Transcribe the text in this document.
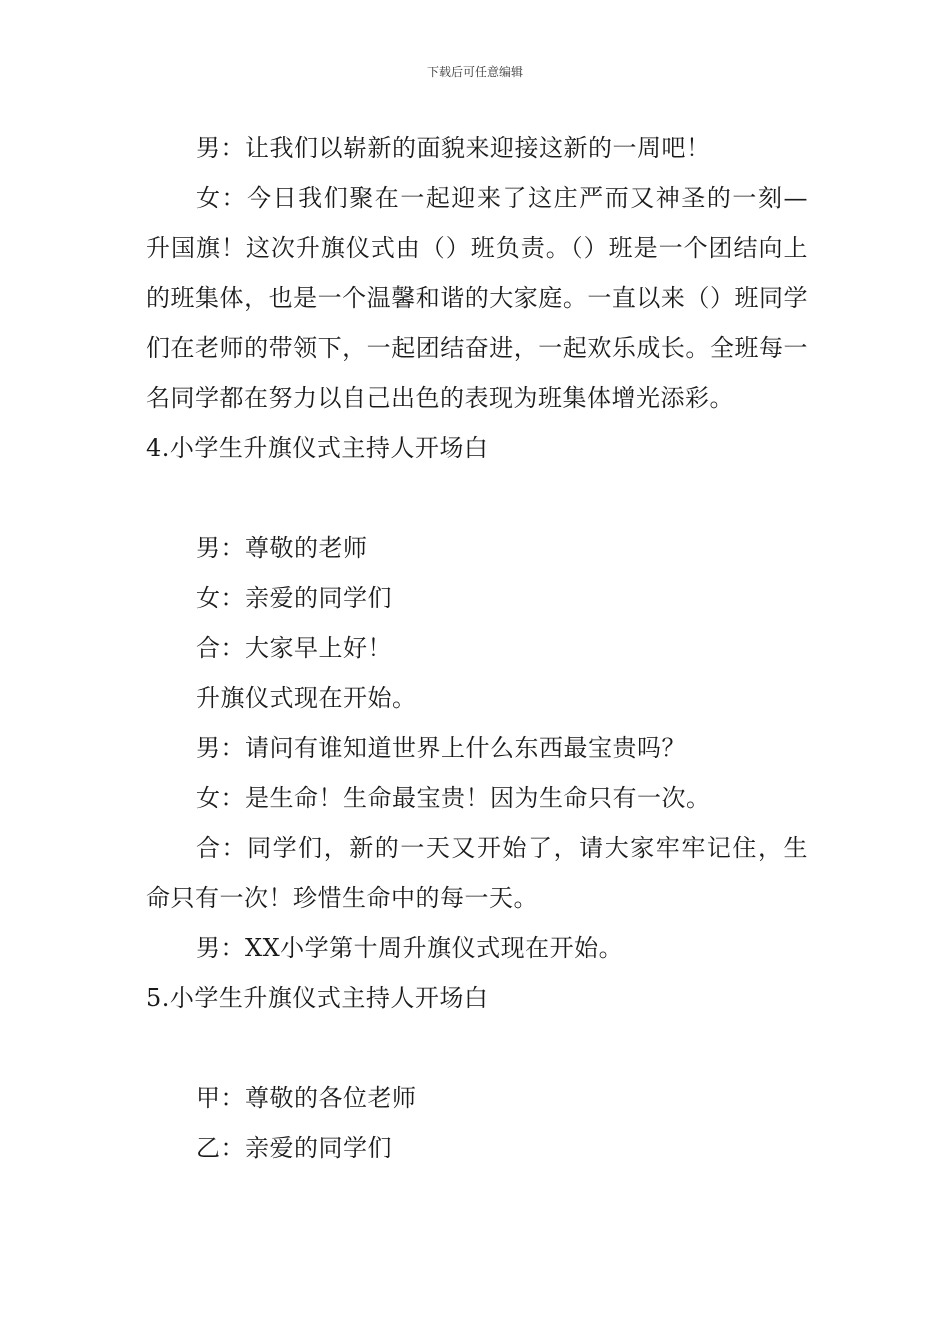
下载后可任意编辑

男：让我们以崭新的面貌来迎接这新的一周吧！

女：今日我们聚在一起迎来了这庄严而又神圣的一刻—升国旗！这次升旗仪式由（）班负责。（）班是一个团结向上的班集体，也是一个温馨和谐的大家庭。一直以来（）班同学们在老师的带领下，一起团结奋进，一起欢乐成长。全班每一名同学都在努力以自己出色的表现为班集体增光添彩。

4.小学生升旗仪式主持人开场白

男：尊敬的老师

女：亲爱的同学们

合：大家早上好！

升旗仪式现在开始。

男：请问有谁知道世界上什么东西最宝贵吗？

女：是生命！生命最宝贵！因为生命只有一次。

合：同学们，新的一天又开始了，请大家牢牢记住，生命只有一次！珍惜生命中的每一天。

男：XX小学第十周升旗仪式现在开始。

5.小学生升旗仪式主持人开场白

甲：尊敬的各位老师

乙：亲爱的同学们
